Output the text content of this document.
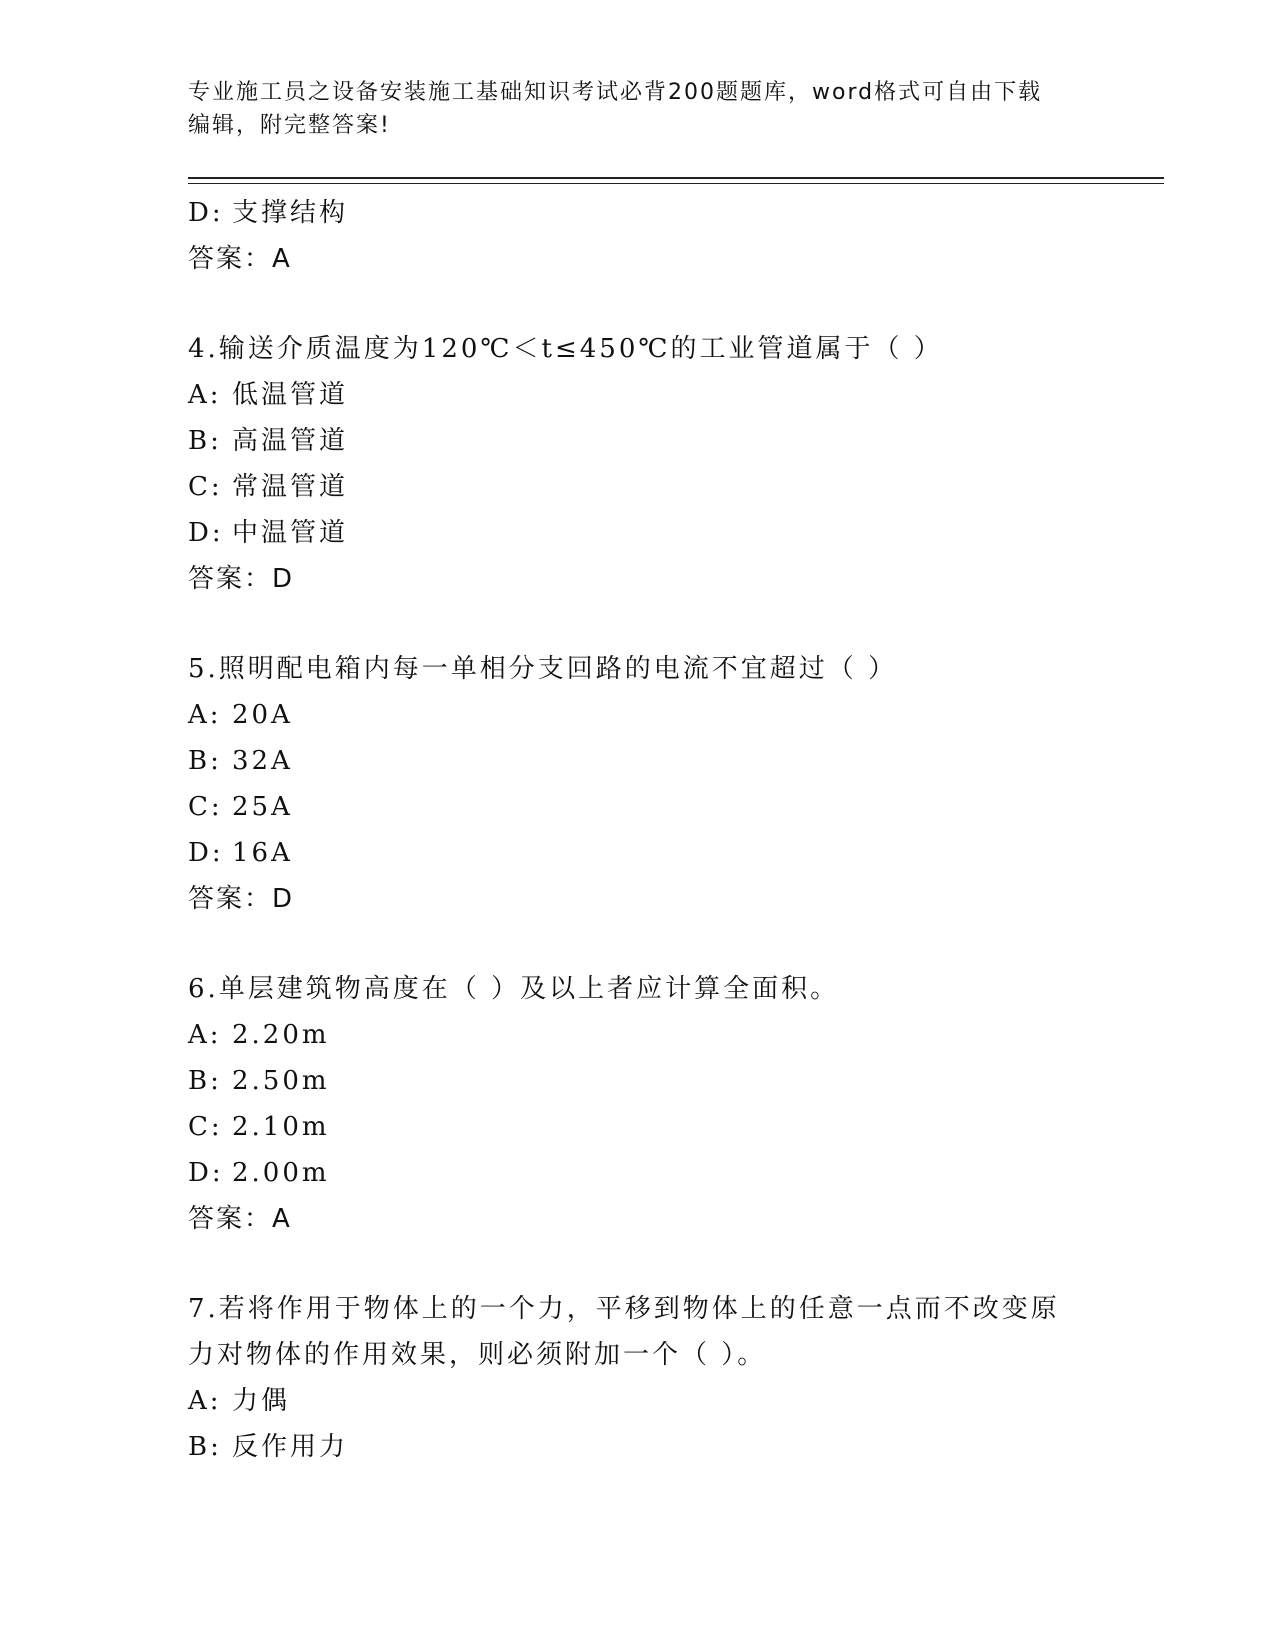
专业施工员之设备安装施工基础知识考试必背200题题库，word格式可自由下载
编辑，附完整答案!
D: 支撑结构
答案：A
4.输送介质温度为120℃＜t≤450℃的工业管道属于（ ）
A: 低温管道
B: 高温管道
C: 常温管道
D: 中温管道
答案：D
5.照明配电箱内每一单相分支回路的电流不宜超过（ ）
A: 20A
B: 32A
C: 25A
D: 16A
答案：D
6.单层建筑物高度在（ ）及以上者应计算全面积。
A: 2.20m
B: 2.50m
C: 2.10m
D: 2.00m
答案：A
7.若将作用于物体上的一个力，平移到物体上的任意一点而不改变原
力对物体的作用效果，则必须附加一个（ ）。
A: 力偶
B: 反作用力
